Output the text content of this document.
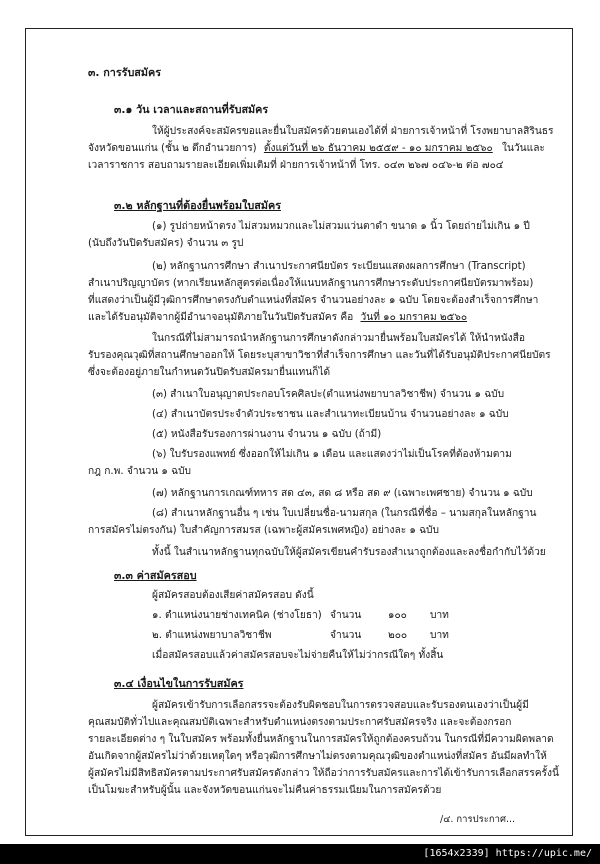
๓. การรับสมัคร
๓.๑ วัน เวลาและสถานที่รับสมัคร
ให้ผู้ประสงค์จะสมัครขอและยื่นใบสมัครด้วยตนเองได้ที่ ฝ่ายการเจ้าหน้าที่ โรงพยาบาลสิรินธร
จังหวัดขอนแก่น (ชั้น ๒ ตึกอำนวยการ) ตั้งแต่วันที่ ๒๖ ธันวาคม ๒๕๕๙ - ๑๐ มกราคม ๒๕๖๐ ในวันและ
เวลาราชการ สอบถามรายละเอียดเพิ่มเติมที่ ฝ่ายการเจ้าหน้าที่ โทร. ๐๔๓ ๒๖๗ ๐๔๖-๒ ต่อ ๗๐๔
๓.๒ หลักฐานที่ต้องยื่นพร้อมใบสมัคร
(๑) รูปถ่ายหน้าตรง ไม่สวมหมวกและไม่สวมแว่นตาดำ ขนาด ๑ นิ้ว โดยถ่ายไม่เกิน ๑ ปี
(นับถึงวันปิดรับสมัคร) จำนวน ๓ รูป
(๒) หลักฐานการศึกษา สำเนาประกาศนียบัตร ระเบียนแสดงผลการศึกษา (Transcript)
สำเนาปริญญาบัตร (หากเรียนหลักสูตรต่อเนื่องให้แนบหลักฐานการศึกษาระดับประกาศนียบัตรมาพร้อม)
ที่แสดงว่าเป็นผู้มีวุฒิการศึกษาตรงกับตำแหน่งที่สมัคร จำนวนอย่างละ ๑ ฉบับ โดยจะต้องสำเร็จการศึกษา
และได้รับอนุมัติจากผู้มีอำนาจอนุมัติภายในวันปิดรับสมัคร คือ วันที่ ๑๐ มกราคม ๒๕๖๐
ในกรณีที่ไม่สามารถนำหลักฐานการศึกษาดังกล่าวมายื่นพร้อมใบสมัครได้ ให้นำหนังสือ
รับรองคุณวุฒิที่สถานศึกษาออกให้ โดยระบุสาขาวิชาที่สำเร็จการศึกษา และวันที่ได้รับอนุมัติประกาศนียบัตร
ซึ่งจะต้องอยู่ภายในกำหนดวันปิดรับสมัครมายื่นแทนก็ได้
(๓) สำเนาใบอนุญาตประกอบโรคศิลปะ(ตำแหน่งพยาบาลวิชาชีพ) จำนวน ๑ ฉบับ
(๔) สำเนาบัตรประจำตัวประชาชน และสำเนาทะเบียนบ้าน จำนวนอย่างละ ๑ ฉบับ
(๕) หนังสือรับรองการผ่านงาน จำนวน ๑ ฉบับ (ถ้ามี)
(๖) ใบรับรองแพทย์ ซึ่งออกให้ไม่เกิน ๑ เดือน และแสดงว่าไม่เป็นโรคที่ต้องห้ามตาม
กฎ ก.พ. จำนวน ๑ ฉบับ
(๗) หลักฐานการเกณฑ์ทหาร สด ๔๓, สด ๘ หรือ สด ๙ (เฉพาะเพศชาย) จำนวน ๑ ฉบับ
(๘) สำเนาหลักฐานอื่น ๆ เช่น ใบเปลี่ยนชื่อ-นามสกุล (ในกรณีที่ชื่อ – นามสกุลในหลักฐาน
การสมัครไม่ตรงกัน) ใบสำคัญการสมรส (เฉพาะผู้สมัครเพศหญิง) อย่างละ ๑ ฉบับ
ทั้งนี้ ในสำเนาหลักฐานทุกฉบับให้ผู้สมัครเขียนคำรับรองสำเนาถูกต้องและลงชื่อกำกับไว้ด้วย
๓.๓ ค่าสมัครสอบ
ผู้สมัครสอบต้องเสียค่าสมัครสอบ ดังนี้
๑. ตำแหน่งนายช่างเทคนิค (ช่างโยธา) จำนวน	๑๐๐ บาท
๒. ตำแหน่งพยาบาลวิชาชีพ	จำนวน	๒๐๐ บาท
เมื่อสมัครสอบแล้วค่าสมัครสอบจะไม่จ่ายคืนให้ไม่ว่ากรณีใดๆ ทั้งสิ้น
๓.๔ เงื่อนไขในการรับสมัคร
ผู้สมัครเข้ารับการเลือกสรรจะต้องรับผิดชอบในการตรวจสอบและรับรองตนเองว่าเป็นผู้มี
คุณสมบัติทั่วไปและคุณสมบัติเฉพาะสำหรับตำแหน่งตรงตามประกาศรับสมัครจริง และจะต้องกรอก
รายละเอียดต่าง ๆ ในใบสมัคร พร้อมทั้งยื่นหลักฐานในการสมัครให้ถูกต้องครบถ้วน ในกรณีที่มีความผิดพลาด
อันเกิดจากผู้สมัครไม่ว่าด้วยเหตุใดๆ หรือวุฒิการศึกษาไม่ตรงตามคุณวุฒิของตำแหน่งที่สมัคร อันมีผลทำให้
ผู้สมัครไม่มีสิทธิสมัครตามประกาศรับสมัครดังกล่าว ให้ถือว่าการรับสมัครและการได้เข้ารับการเลือกสรรครั้งนี้
เป็นโมฆะสำหรับผู้นั้น และจังหวัดขอนแก่นจะไม่คืนค่าธรรมเนียมในการสมัครด้วย
/๔. การประกาศ...
[1654x2339] https://upic.me/
